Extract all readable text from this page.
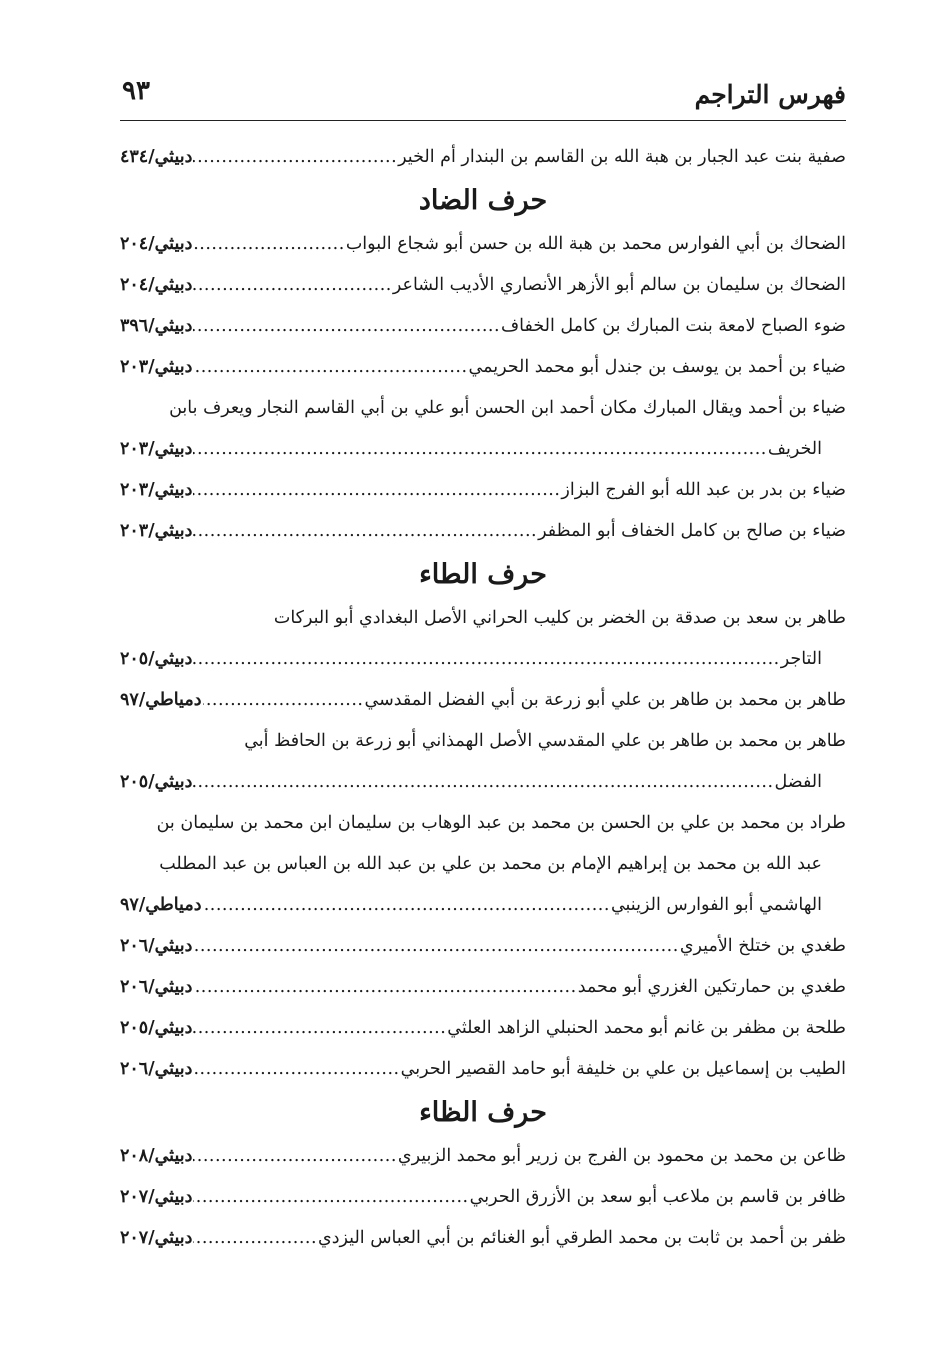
فهرس التراجم
٩٣
صفية بنت عبد الجبار بن هبة الله بن القاسم بن البندار أم الخير
.....
دبيثي/٤٣٤
حرف الضاد
الضحاك بن أبي الفوارس محمد بن هبة الله بن حسن أبو شجاع البواب
.....
دبيثي/٢٠٤
الضحاك بن سليمان بن سالم أبو الأزهر الأنصاري الأديب الشاعر
.....
دبيثي/٢٠٤
ضوء الصباح لامعة بنت المبارك بن كامل الخفاف
.....
دبيثي/٣٩٦
ضياء بن أحمد بن يوسف بن جندل أبو محمد الحريمي
.....
دبيثي/٢٠٣
ضياء بن أحمد ويقال المبارك مكان أحمد ابن الحسن أبو علي بن أبي القاسم النجار ويعرف بابن
الخريف
.....
دبيثي/٢٠٣
ضياء بن بدر بن عبد الله أبو الفرج البزاز
.....
دبيثي/٢٠٣
ضياء بن صالح بن كامل الخفاف أبو المظفر
.....
دبيثي/٢٠٣
حرف الطاء
طاهر بن سعد بن صدقة بن الخضر بن كليب الحراني الأصل البغدادي أبو البركات
التاجر
.....
دبيثي/٢٠٥
طاهر بن محمد بن طاهر بن علي أبو زرعة بن أبي الفضل المقدسي
.....
دمياطي/٩٧
طاهر بن محمد بن طاهر بن علي المقدسي الأصل الهمذاني أبو زرعة بن الحافظ أبي
الفضل
.....
دبيثي/٢٠٥
طراد بن محمد بن علي بن الحسن بن محمد بن عبد الوهاب بن سليمان ابن محمد بن سليمان بن
عبد الله بن محمد بن إبراهيم الإمام بن محمد بن علي بن عبد الله بن العباس بن عبد المطلب
الهاشمي أبو الفوارس الزينبي
.....
دمياطي/٩٧
طغدي بن ختلخ الأميري
.....
دبيثي/٢٠٦
طغدي بن حمارتكين الغزري أبو محمد
.....
دبيثي/٢٠٦
طلحة بن مظفر بن غانم أبو محمد الحنبلي الزاهد العلثي
.....
دبيثي/٢٠٥
الطيب بن إسماعيل بن علي بن خليفة أبو حامد القصير الحربي
.....
دبيثي/٢٠٦
حرف الظاء
ظاعن بن محمد بن محمود بن الفرج بن زرير أبو محمد الزبيري
.....
دبيثي/٢٠٨
ظافر بن قاسم بن ملاعب أبو سعد بن الأزرق الحربي
.....
دبيثي/٢٠٧
ظفر بن أحمد بن ثابت بن محمد الطرقي أبو الغنائم بن أبي العباس اليزدي
.....
دبيثي/٢٠٧
